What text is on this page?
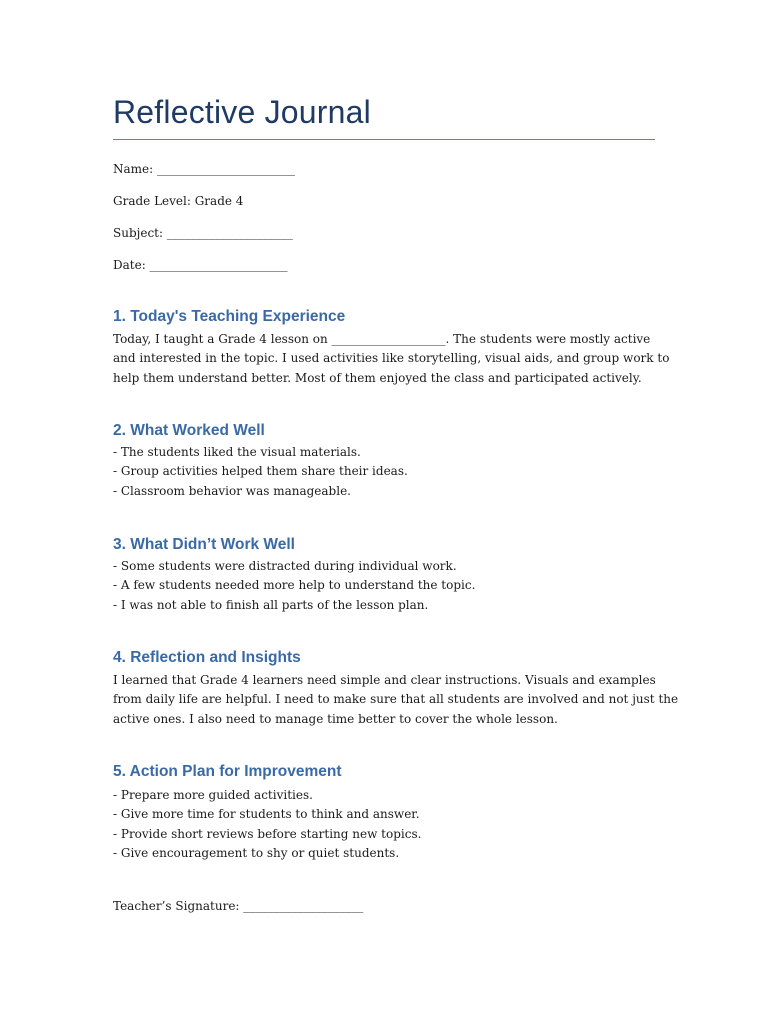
Reflective Journal
Name: _______________________
Grade Level: Grade 4
Subject: _____________________
Date: _______________________
1. Today's Teaching Experience
Today, I taught a Grade 4 lesson on ___________________. The students were mostly active
and interested in the topic. I used activities like storytelling, visual aids, and group work to
help them understand better. Most of them enjoyed the class and participated actively.
2. What Worked Well
- The students liked the visual materials.
- Group activities helped them share their ideas.
- Classroom behavior was manageable.
3. What Didn’t Work Well
- Some students were distracted during individual work.
- A few students needed more help to understand the topic.
- I was not able to finish all parts of the lesson plan.
4. Reflection and Insights
I learned that Grade 4 learners need simple and clear instructions. Visuals and examples
from daily life are helpful. I need to make sure that all students are involved and not just the
active ones. I also need to manage time better to cover the whole lesson.
5. Action Plan for Improvement
- Prepare more guided activities.
- Give more time for students to think and answer.
- Provide short reviews before starting new topics.
- Give encouragement to shy or quiet students.
Teacher’s Signature: ____________________
